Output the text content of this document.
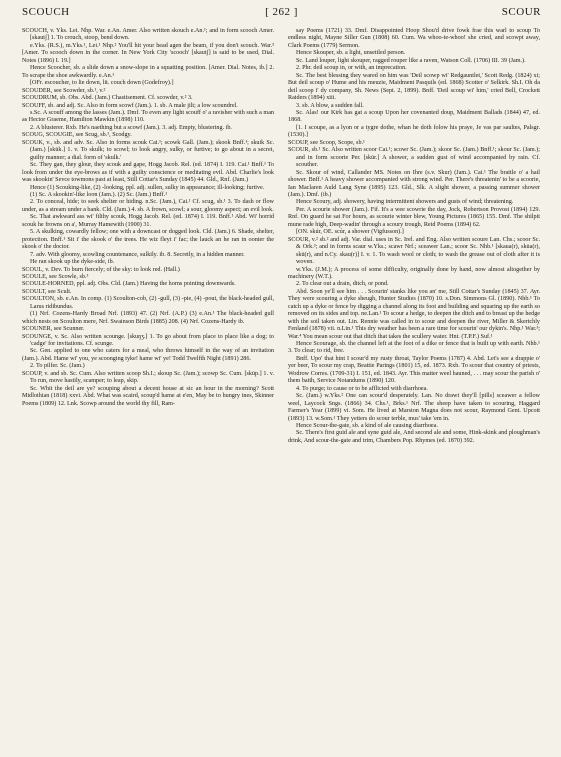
SCOUCH	[ 262 ]	SCOUR

SCOUCH, v. Yks. Lei. Nhp. War. e.An. Amer. Also written skouch e.An.¹; and in form scooch Amer. [skautʃ] 1. To crouch, stoop, bend down.

e.Yks. (R.S.), m.Yks.¹, Lei.¹ Nhp.² You'll hit your head agen the beam, if you don't scouch. War.³ [Amer. To scooch down in the corner. In New York City 'scooch' [skautʃ] is said to be used, Dial. Notes (1896) I. 19.]

Hence Scoocher, sb. a slide down a snow-slope in a squatting position. [Amer. Dial. Notes, ib.] 2. To scrape the shoe awkwardly. e.An.¹

[OFr. escoucher, to lie down, lit. couch down (Godefroy).]

SCOUDER, see Scowder, sb.¹, v.²

SCOUDRUM, sb. Obs. Abd. (Jam.) Chastisement. Cf. scowder, v.² 3.

SCOUFF, sb. and adj. Sc. Also in form scowf (Jam.). 1. sb. A male jilt; a low scoundrel.

s.Sc. A scouff among the lasses (Jam.). Dmf. To even any light scouff o' a ravisher with such a man as Hector Graeme, Hamilton Mawkin (1898) 110.

2. A blusterer. Rxb. He's naething but a scowf (Jam.). 3. adj. Empty, blustering. ib.

SCOUG, SCOUGIE, see Scug, sb.¹, Scodgy.

SCOUK, v., sb. and adv. Sc. Also in forms scouk Cai.¹; scowk Gall. (Jam.); skook Bnff.¹; skuik Sc. (Jam.) [skūk.] 1. v. To skulk; to scowl; to look angry, sulky, or furtive; to go about in a secret, guilty manner; a dial. form of 'skulk.'

Sc. They gan, they glour, they scouk and gape, Hogg Jacob. Rel. (ed. 1874) I. 119. Cai.¹ Bnff.¹ To look from under the eye-brows as if with a guilty conscience or meditating evil. Abd. Charlie's look was skookin' Sevce towmons past at least, Still Cottar's Sunday (1845) 44. Gld., Rnf. (Jam.)

Hence (1) Scouking-like, (2) -looking, ppl. adj. sullen, sulky in appearance; ill-looking; furtive.

(1) Sc. A skookin'-like loon (Jam.). (2) Sc. (Jam.) Bnff.¹

2. To conceal, hide; to seek shelter or hiding. n.Sc. (Jam.), Cai.¹ Cf. scug, sb.¹ 3. To dash or flow under, as a stream under a bank. Cld. (Jam.) 4. sb. A frown, scowl; a sour, gloomy aspect; an evil look.

Sc. That awkward ass wi' filthy scouk, Hogg Jacob. Rel. (ed. 1874) I. 119. Bnff.¹ Abd. Wi' horrid scouk he frowns on a', Murray Hamewith (1900) 31.

5. A skulking, cowardly fellow; one with a downcast or dogged look. Cld. (Jam.) 6. Shade, shelter, protection. Bnff.¹ Sit i' the skook o' the trees. He wiz fleyt i' fac; the lauck an he ran in oonter the skook o' the doctor.

7. adv. With gloomy, scowling countenance, sulkily. ib. 8. Secretly, in a hidden manner.

He ran skook up the dyke-side, ib.

SCOUL, v. Dev. To burn fiercely; of the sky: to look red. (Hall.)

SCOULE, see Scowle, sb.³

SCOULE-HORNED, ppl. adj. Obs. Cld. (Jam.) Having the horns pointing downwards.

SCOULT, see Scult.

SCOULTON, sb. e.An. In comp. (1) Scoulton-cob, (2) -gull, (3) -pie, (4) -pout, the black-headed gull, Larus ridibundus.

(1) Nrf. Cozens-Hardy Broad Nrf. (1893) 47. (2) Nrf. (A.P.) (3) e.An.¹ The black-headed gull which nests on Scoulton mere, Nrf. Swainson Birds (1885) 208. (4) Nrf. Cozens-Hardy ib.

SCOUNER, see Scunner.

SCOUNGE, v. Sc. Also written scounge. [skuŋʒ.] 1. To go about from place to place like a dog; to 'cadge' for invitations. Cf. scunge.

Sc. Gen. applied to one who caters for a meal, who throws himself in the way of an invitation (Jam.). Abd. Hame wi' you, ye scoonging tyke! hame wi' ye! Todd Twelfth Night (1891) 286.

2. To pilfer. Sc. (Jam.)

SCOUP, v. and sb. Sc. Cum. Also written scoop Sh.I.; skoup Sc. (Jam.); scowp Sc. Cum. [skūp.] 1. v. To run, move hastily, scamper; to leap, skip.

Sc. Whit the deil are ye? scouping about a decent house at sic an hour in the morning? Scott Midlothian (1818) xxvi. Abd. What was scaird, scoup'd hame at e'en, May be to hungry ines, Skinner Poems (1809) 12. Lnk. Scowp around the world thy fill, Ram-

say Poems (1721) 33. Dmf. Disappointed Hoop Shou'd drive fowk frae this warl to scoup To endless night, Mayne Siller Gun (1808) 60. Cum. Wa whoo-te-whoo! she cried, and scowpt away, Clark Poems (1779) Sermon.

Hence Skouper, sb. a light, unsettled person.

Sc. Land louper, light skouper, ragged rouper like a raven, Watson Coll. (1706) III. 39 (Jam.).

2. Phr. deil scoup in, or with, an imprecation.

Sc. The best blessing they wared on him was 'Deil scowp wi' Redgauntlet,' Scott Redg. (1824) xi; But deil scoup o' Hume and his meuzie, Maidment Pasquils (ed. 1868) Scotter o' Selkirk. Sh.I. Oh da deil scoop i' dy company, Sh. News (Sept. 2, 1899). Bnff. 'Deil scoup wi' him,' cried Bell, Crockett Raiders (1894) xiii.

3. sb. A blow, a sudden fall.

Sc. Alas! our Kirk has gat a scoup Upon her covenanted doup, Maidment Ballads (1844) 47, ed. 1868.

[1. I scoupe, as a lyon or a tygre dothe, whan he doth folow his praye, Je vas par saultes, Palsgr. (1530).]

SCOUP, see Scoop, Scope, sb.¹

SCOUR, sb.¹ Sc. Also written scoor Cai.¹; scowr Sc. (Jam.); skoor Sc. (Jam.) Bnff.¹; skour Sc. (Jam.); and in form scoorie Per. [skūr.] A shower, a sudden gust of wind accompanied by rain. Cf. scouther.

Sc. Skour of wind, Callander MS. Notes on Ihre (s.v. Skur) (Jam.). Cai.¹ The brattle o' a hail shower. Bnff.¹ A heavy shower accompanied with strong wind. Per. There's threatenin' to be a scoorie, Ian Maclaren Auld Lang Syne (1895) 123. Gld., Slk. A slight shower, a passing summer shower (Jam.). Dmf. (ib.)

Hence Scoury, adj. showery, having intermittent showers and gusts of wind; threatening.

Per. A scourie shower (Jam.). Fif. It's a wee scowrie the day, Jock, Robertson Provost (1894) 129. Rnf. On guard he sat For hours, as scourie winter blew, Young Pictures (1865) 155. Dmf. The shilpit mune rade high, Deep-wadin' through a scoury trough, Reid Poems (1894) 62.

[ON. skúr, OE. scúr, a shower (Vigfusson).]

SCOUR, v.² sb.² and adj. Var. dial. uses in Sc. Irel. and Eng. Also written scoure Lan. Chs.; scoor Sc. & Ork.³; and in forms scaur w.Yks.; scawr Nrf.; sceawer Lan.; scoor Sc. Nhb.¹ [skaua(r), skūa(r), skū(r), and n.Cy. skau(r)] I. v. 1. To wash wool or cloth; to wash the grease out of cloth after it is woven.

w.Yks. (J.M.); A process of some difficulty, originally done by hand, now almost altogether by machinery (W.T.).

2. To clear out a drain, ditch, or pond.

Abd. Soon ye'll see him . . . Scourin' stanks like you an' me, Still Cottar's Sunday (1845) 37. Ayr. They were scouring a dyke sheugh, Hunter Studies (1870) 10. s.Don. Simmons Gl. (1890). Nhb.¹ To catch up a dyke or fence by digging a channel along its foot and building and squaring up the earth so removed on its sides and top. ne.Lan.¹ To scour a hedge, to deepen the ditch and to breast up the hedge with the soil taken out. Lin. Rennie was called in to scour and deepen the river, Miller & Skertchly Fenland (1878) vii. n.Lin.¹ This dry weather has been a rare time for scourin' our dykin's. Nhp.¹ War.³; War.⁴ You mean scour out that ditch that takes the scullery water. Hnt. (T.P.F.) Suf.¹

Hence Scourage, sb. the channel left at the foot of a dike or fence that is built up with earth. Nhb.¹ 3. To clear; to rid, free.

Bnff. Upo' that hint I scour'd my rusty throat, Taylor Poems (1787) 4. Abd. Let's see a drappie o' yer beer, To scour my crap, Beattie Parings (1801) 15, ed. 1873. Rxb. To scour that country of priests, Wodrow Corres. (1709-31) I. 151, ed. 1843. Ayr. This matter weel hauned, . . . may scour the parish o' them baith, Service Notandums (1890) 120.

4. To purge; to cause or to be afflicted with diarrhoea.

Sc. (Jam.) w.Yks.² One can scour'd desperately. Lan. No drawt they'll [pills] sceawer a fellow weel, Laycock Sngs. (1866) 34. Chs.¹, Brks.¹ Nrf. The sheep have taken to scouring, Haggard Farmer's Year (1899) vi. Som. He lived at Marston Magna does not scour, Raymond Gent. Upcott (1893) 13. w.Som.¹ They yetters do scour terble, mus' take 'em in.

Hence Scour-the-gate, sb. a kind of ale causing diarrhoea.

Sc. There's first guid ale and syne guid ale, And second ale and some, Hink-skink and ploughman's drink, And scour-the-gate and trim, Chambers Pop. Rhymes (ed. 1870) 392.
